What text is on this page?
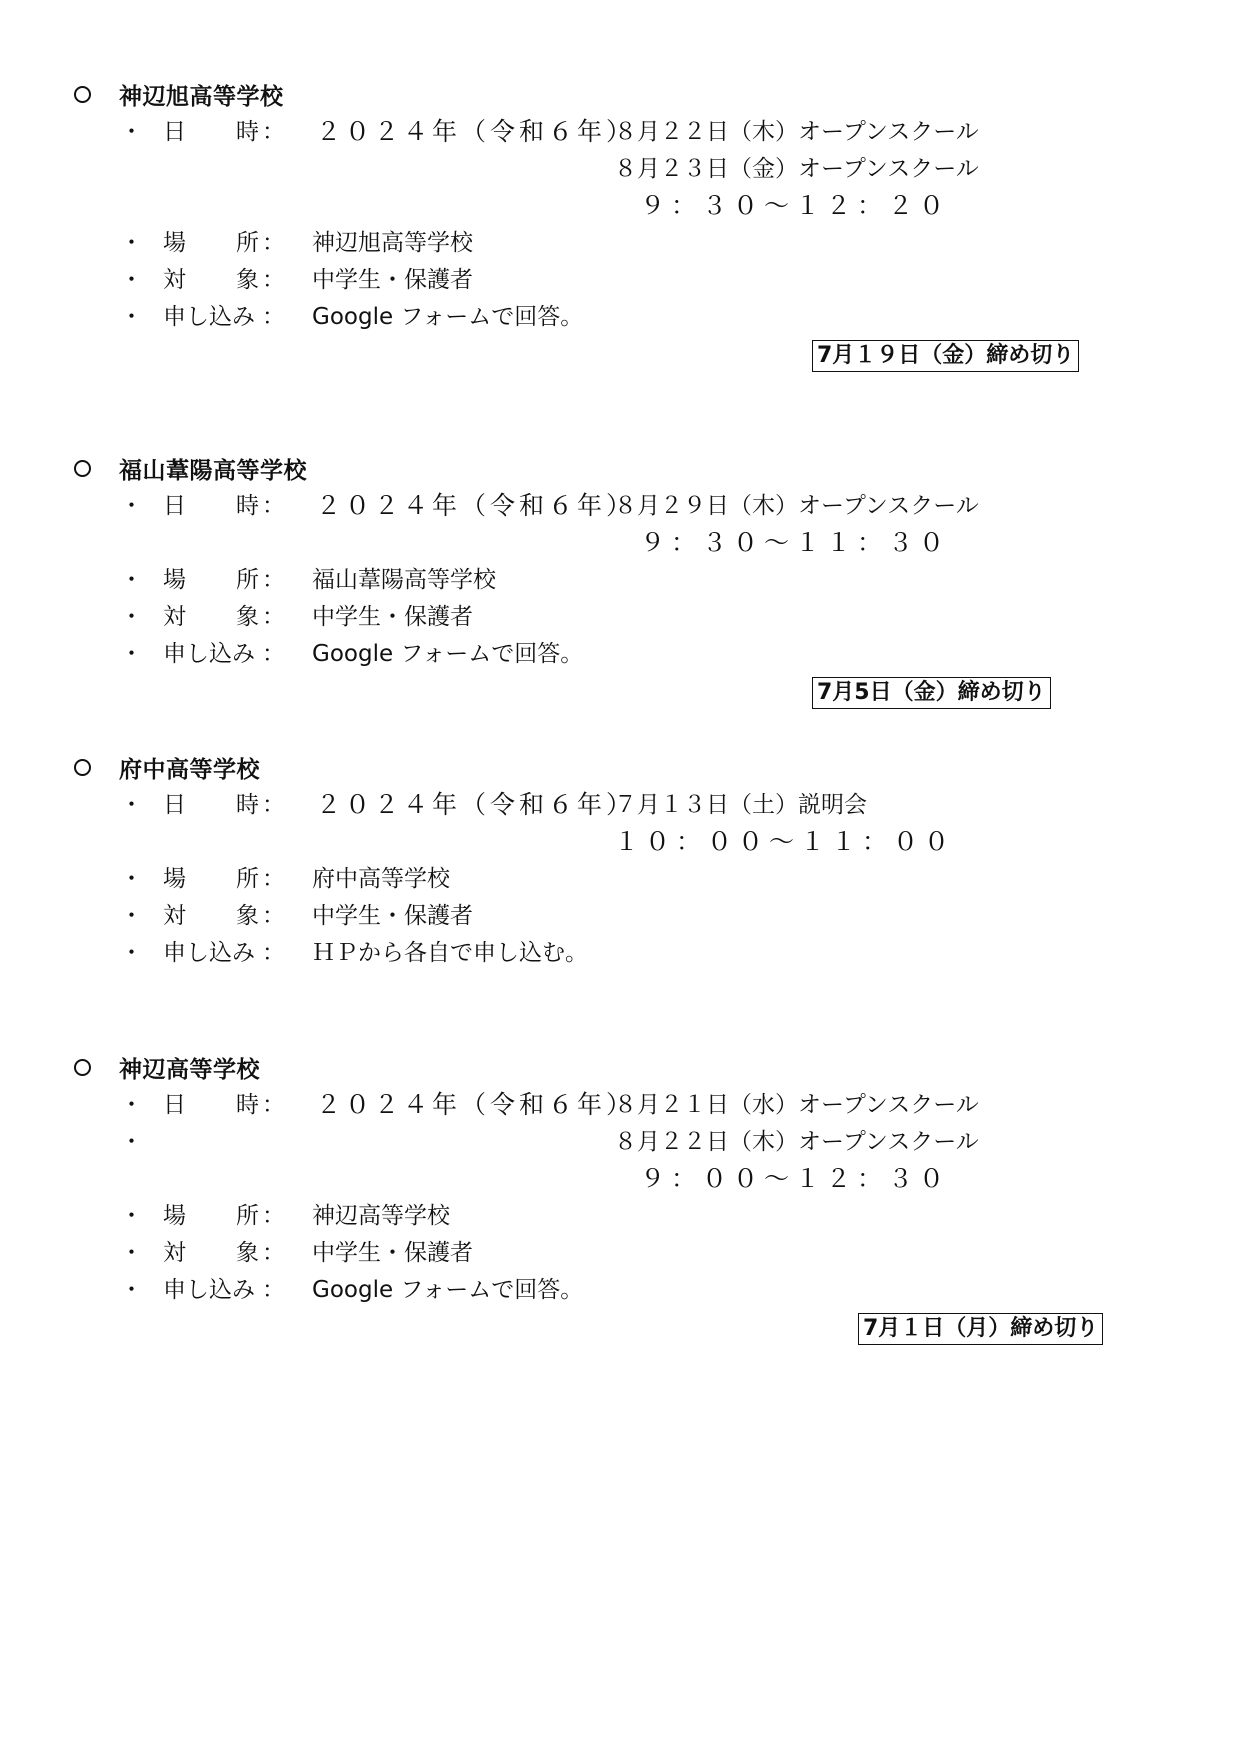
神辺旭高等学校
・ 日 時 ： ２０２４年（令和６年）
８月２２日（木）オープンスクール
８月２３日（金）オープンスクール
９：３０〜１２：２０
・ 場 所 ： 神辺旭高等学校
・ 対 象 ： 中学生・保護者
・ 申し込み ： Google フォームで回答。
7月１９日（金）締め切り
福山葦陽高等学校
・ 日 時 ： ２０２４年（令和６年）
８月２９日（木）オープンスクール
９：３０〜１１：３０
・ 場 所 ： 福山葦陽高等学校
・ 対 象 ： 中学生・保護者
・ 申し込み ： Google フォームで回答。
7月5日（金）締め切り
府中高等学校
・ 日 時 ： ２０２４年（令和６年）
７月１３日（土）説明会
１０：００〜１１：００
・ 場 所 ： 府中高等学校
・ 対 象 ： 中学生・保護者
・ 申し込み ： ＨＰから各自で申し込む。
神辺高等学校
・ 日 時 ： ２０２４年（令和６年）
８月２１日（水）オープンスクール
・	８月２２日（木）オープンスクール
９：００〜１２：３０
・ 場 所 ： 神辺高等学校
・ 対 象 ： 中学生・保護者
・ 申し込み ： Google フォームで回答。
7月１日（月）締め切り
